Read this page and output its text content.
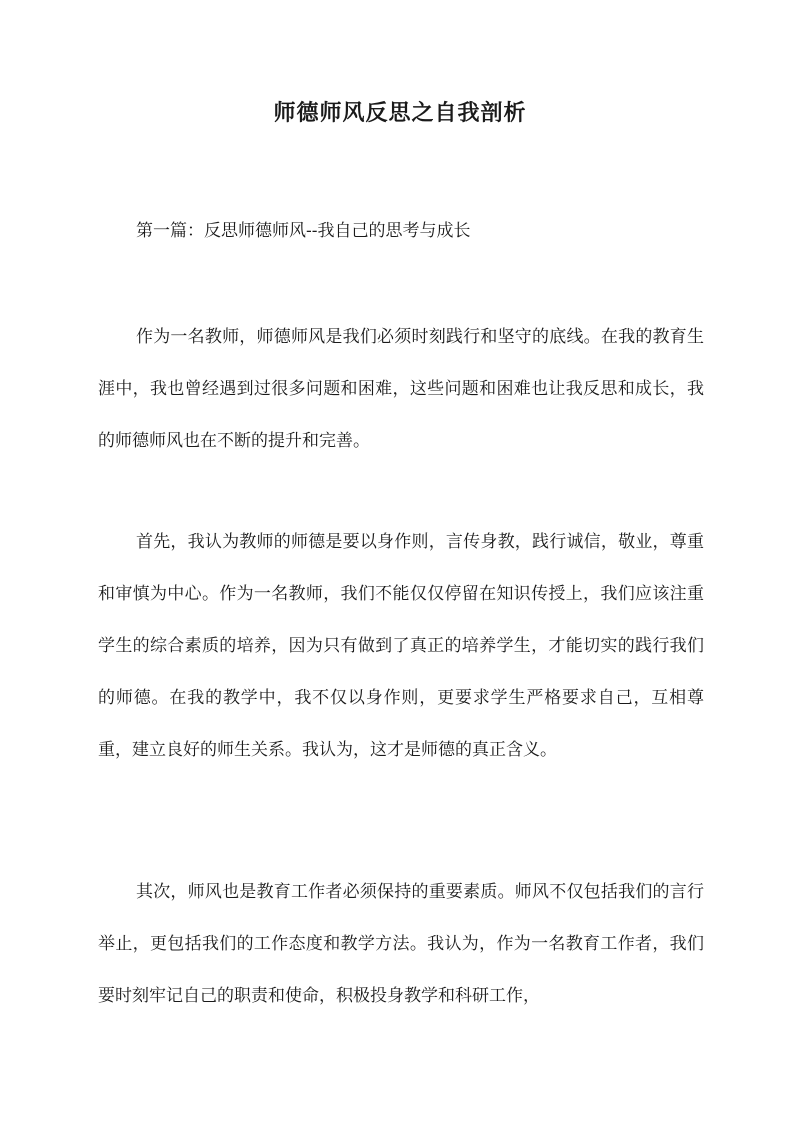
师德师风反思之自我剖析

第一篇：反思师德师风--我自己的思考与成长

作为一名教师，师德师风是我们必须时刻践行和坚守的底线。在我的教育生涯中，我也曾经遇到过很多问题和困难，这些问题和困难也让我反思和成长，我的师德师风也在不断的提升和完善。

首先，我认为教师的师德是要以身作则，言传身教，践行诚信，敬业，尊重和审慎为中心。作为一名教师，我们不能仅仅停留在知识传授上，我们应该注重学生的综合素质的培养，因为只有做到了真正的培养学生，才能切实的践行我们的师德。在我的教学中，我不仅以身作则，更要求学生严格要求自己，互相尊重，建立良好的师生关系。我认为，这才是师德的真正含义。

其次，师风也是教育工作者必须保持的重要素质。师风不仅包括我们的言行举止，更包括我们的工作态度和教学方法。我认为，作为一名教育工作者，我们要时刻牢记自己的职责和使命，积极投身教学和科研工作，
